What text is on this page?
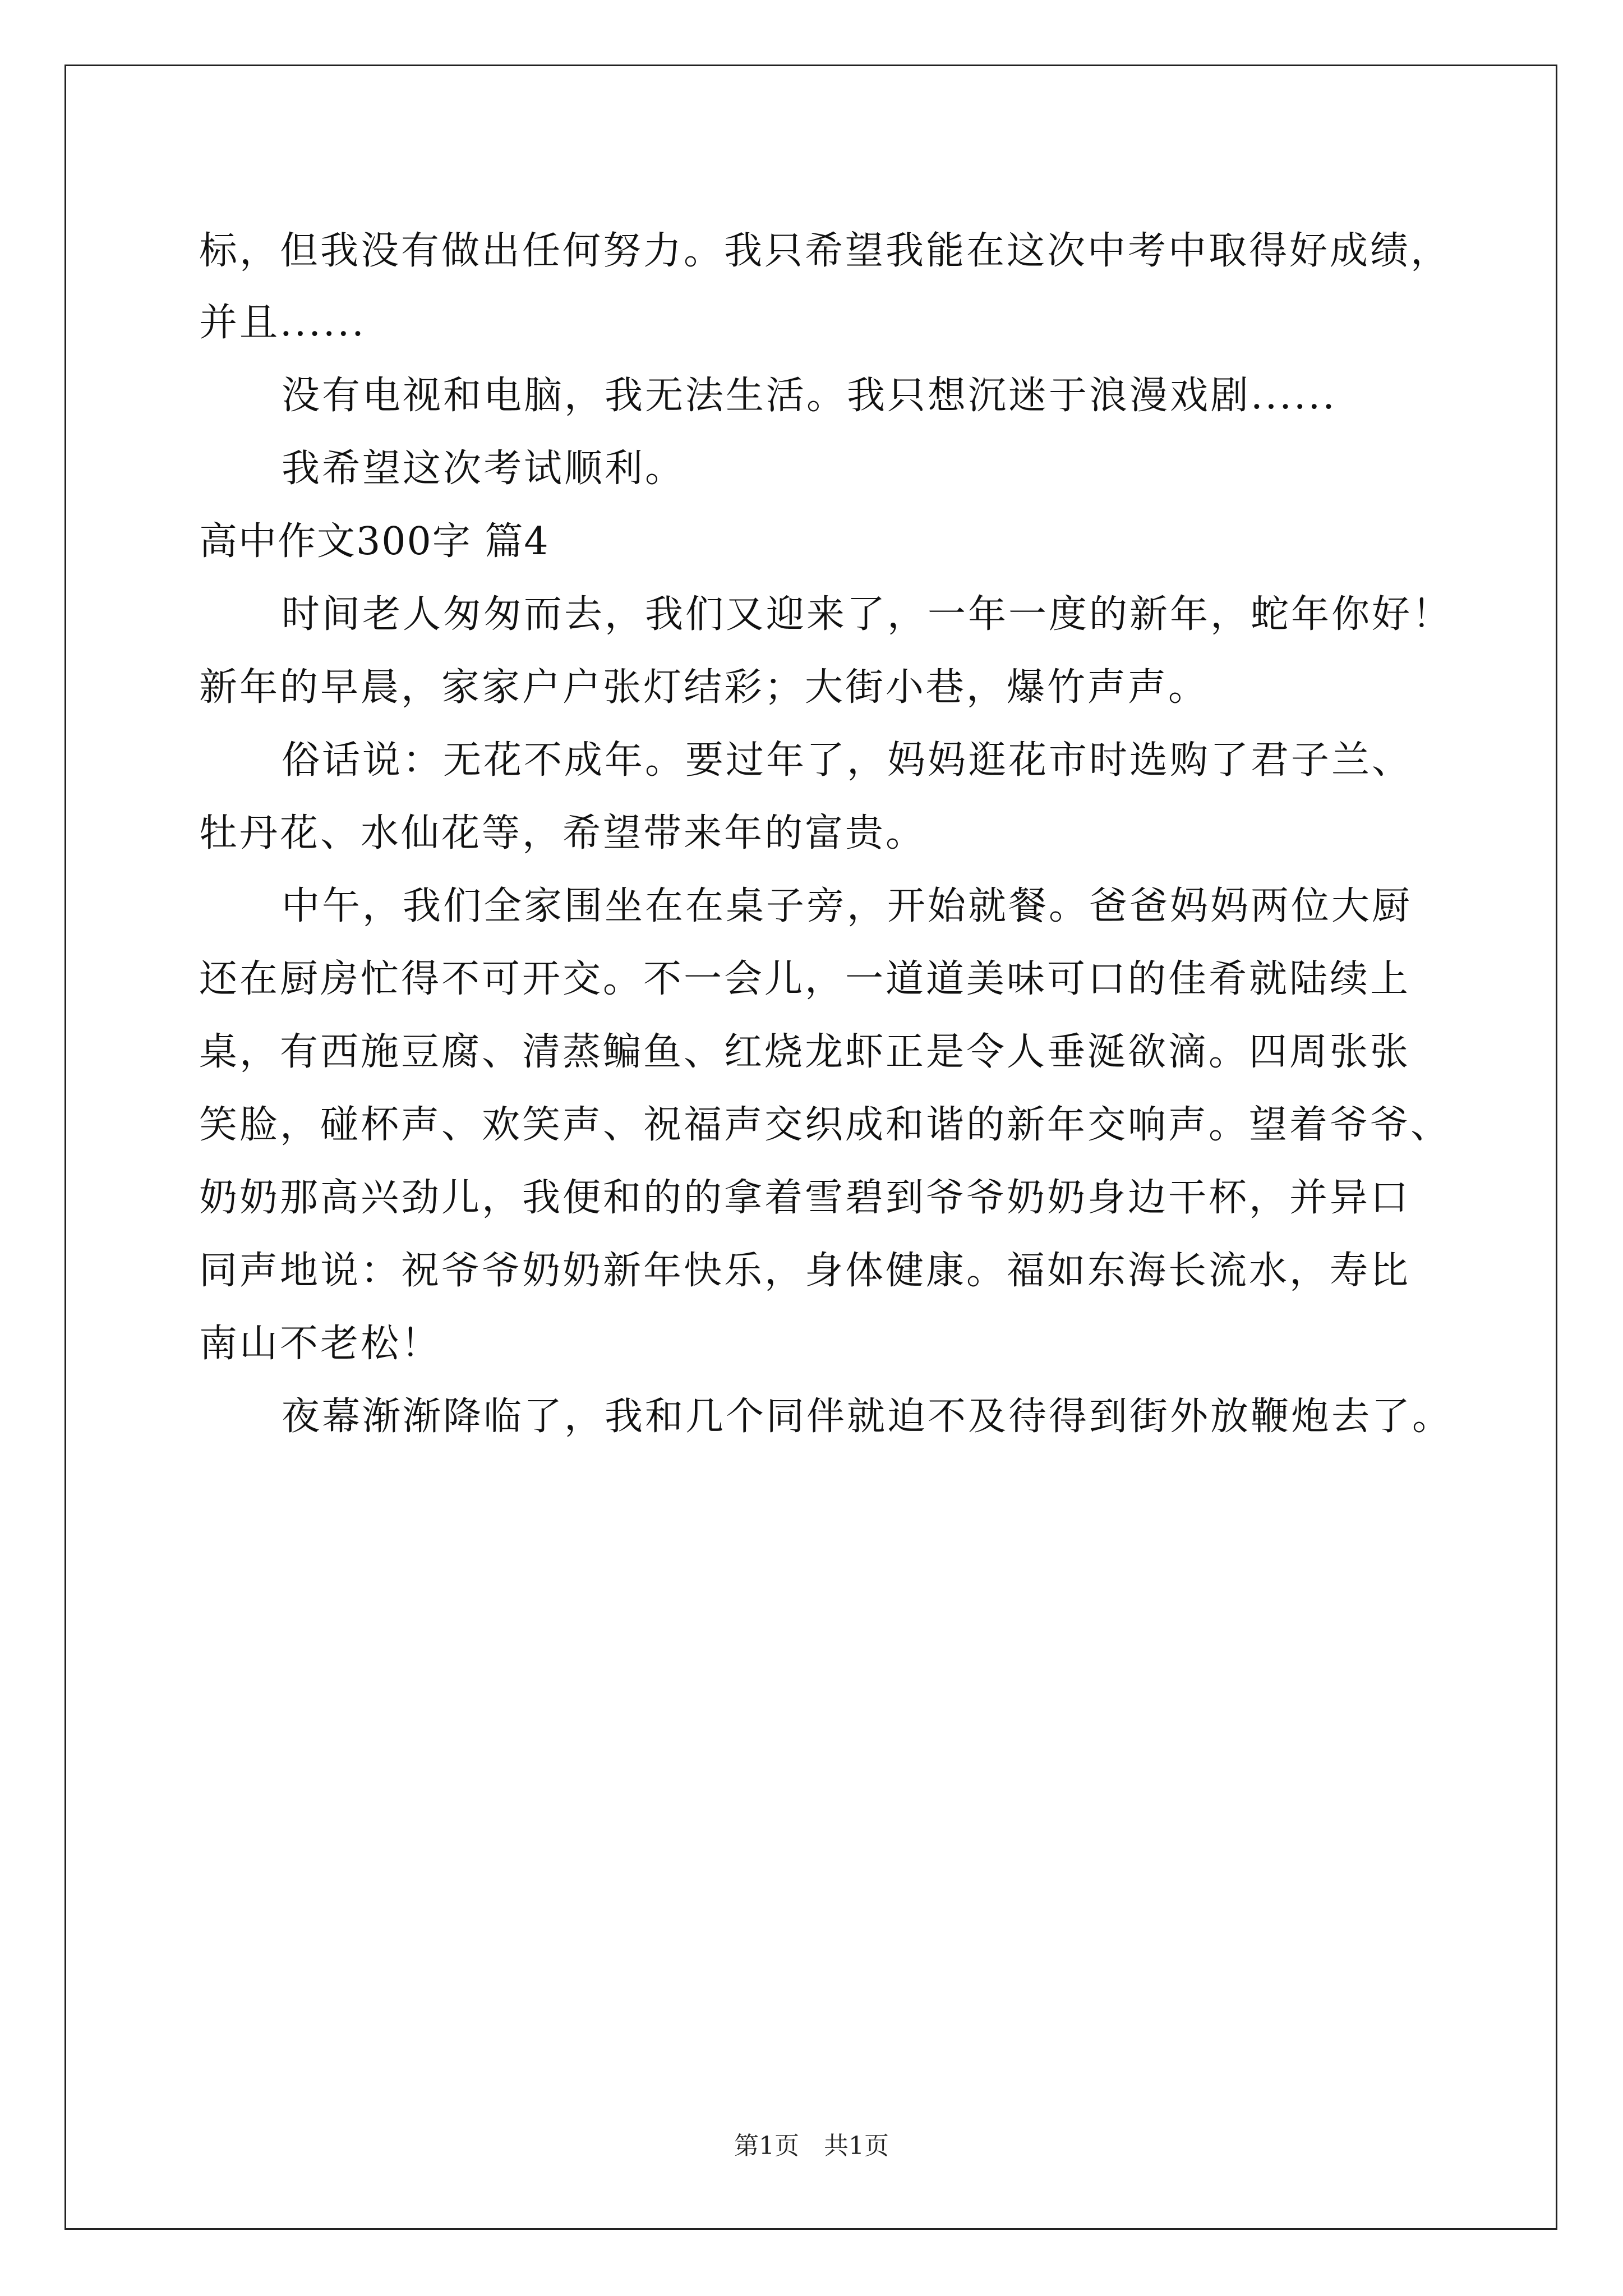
标，但我没有做出任何努力。我只希望我能在这次中考中取得好成绩，
并且......
没有电视和电脑，我无法生活。我只想沉迷于浪漫戏剧......
我希望这次考试顺利。
高中作文300字 篇4
时间老人匆匆而去，我们又迎来了，一年一度的新年，蛇年你好！
新年的早晨，家家户户张灯结彩；大街小巷，爆竹声声。
俗话说：无花不成年。要过年了，妈妈逛花市时选购了君子兰、
牡丹花、水仙花等，希望带来年的富贵。
中午，我们全家围坐在在桌子旁，开始就餐。爸爸妈妈两位大厨
还在厨房忙得不可开交。不一会儿，一道道美味可口的佳肴就陆续上
桌，有西施豆腐、清蒸鳊鱼、红烧龙虾正是令人垂涎欲滴。四周张张
笑脸，碰杯声、欢笑声、祝福声交织成和谐的新年交响声。望着爷爷、
奶奶那高兴劲儿，我便和的的拿着雪碧到爷爷奶奶身边干杯，并异口
同声地说：祝爷爷奶奶新年快乐，身体健康。福如东海长流水，寿比
南山不老松！
夜幕渐渐降临了，我和几个同伴就迫不及待得到街外放鞭炮去了。
第1页　共1页
